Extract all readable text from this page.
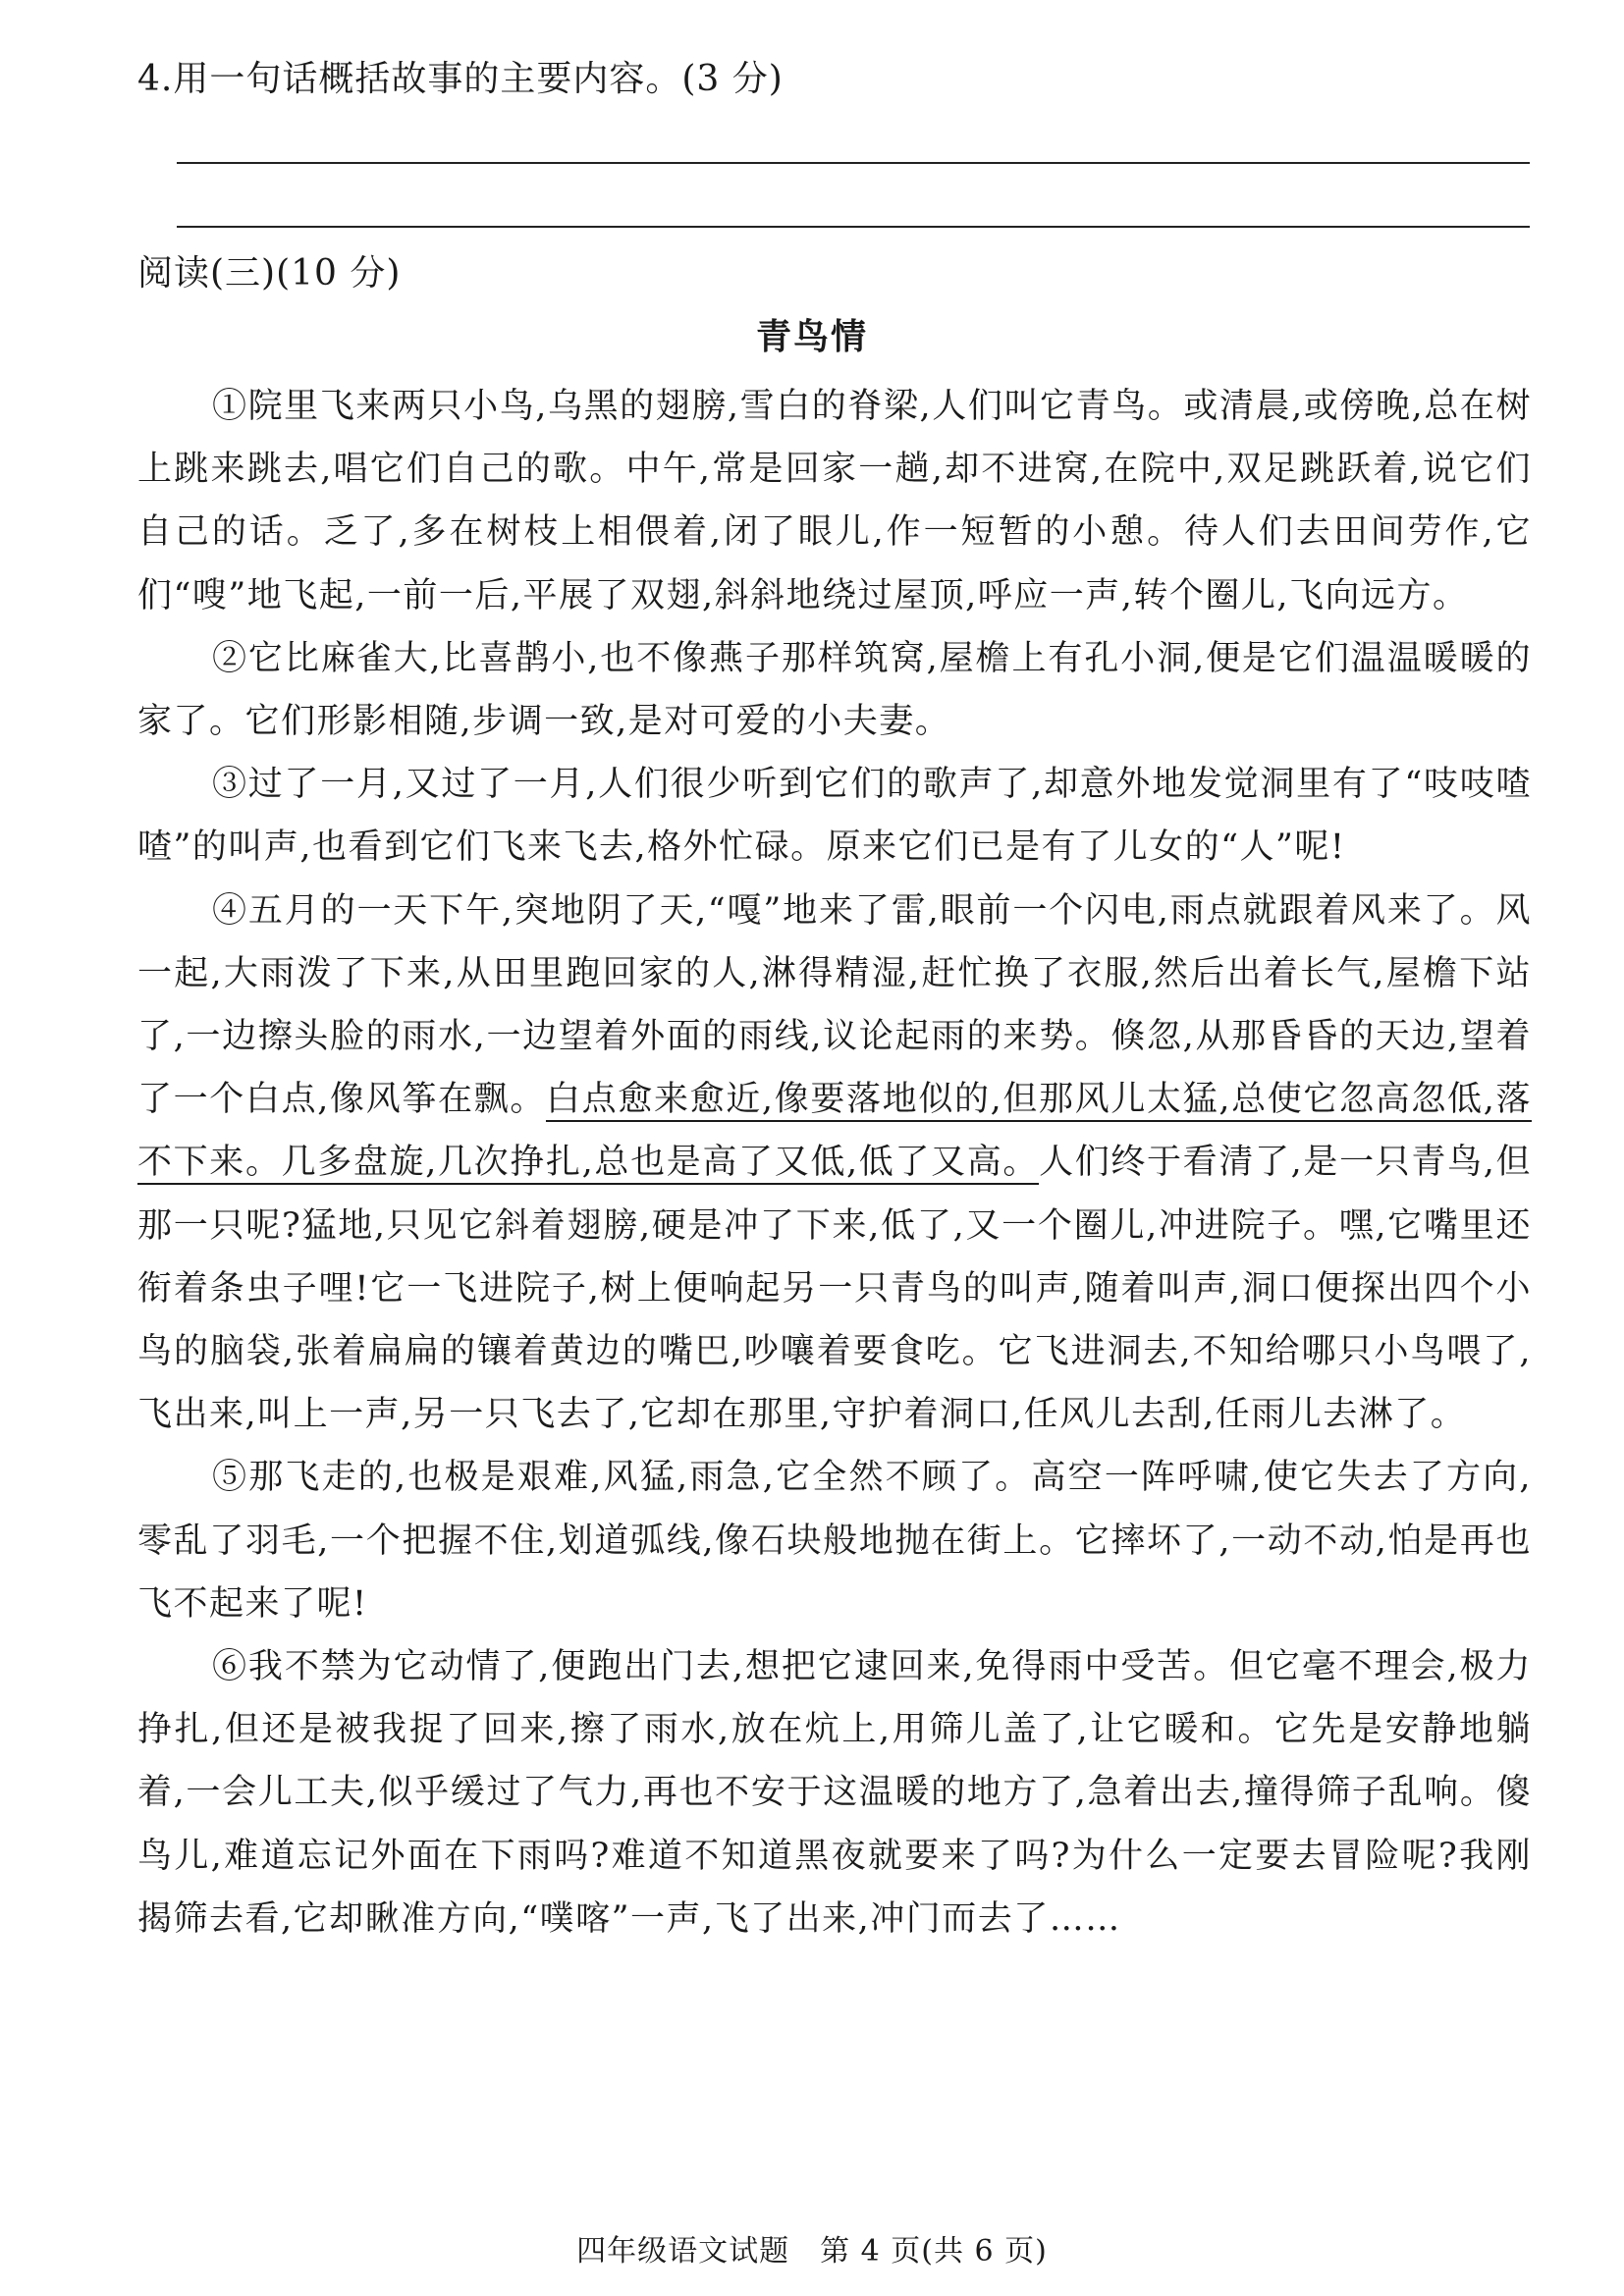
4.用一句话概括故事的主要内容。(3 分)
阅读(三)(10 分)
青鸟情

①院里飞来两只小鸟,乌黑的翅膀,雪白的脊梁,人们叫它青鸟。或清晨,或傍晚,总在树上跳来跳去,唱它们自己的歌。中午,常是回家一趟,却不进窝,在院中,双足跳跃着,说它们自己的话。乏了,多在树枝上相偎着,闭了眼儿,作一短暂的小憩。待人们去田间劳作,它们“嗖”地飞起,一前一后,平展了双翅,斜斜地绕过屋顶,呼应一声,转个圈儿,飞向远方。

②它比麻雀大,比喜鹊小,也不像燕子那样筑窝,屋檐上有孔小洞,便是它们温温暖暖的家了。它们形影相随,步调一致,是对可爱的小夫妻。

③过了一月,又过了一月,人们很少听到它们的歌声了,却意外地发觉洞里有了“吱吱喳喳”的叫声,也看到它们飞来飞去,格外忙碌。原来它们已是有了儿女的“人”呢!

④五月的一天下午,突地阴了天,“嘎”地来了雷,眼前一个闪电,雨点就跟着风来了。风一起,大雨泼了下来,从田里跑回家的人,淋得精湿,赶忙换了衣服,然后出着长气,屋檐下站了,一边擦头脸的雨水,一边望着外面的雨线,议论起雨的来势。倏忽,从那昏昏的天边,望着了一个白点,像风筝在飘。白点愈来愈近,像要落地似的,但那风儿太猛,总使它忽高忽低,落不下来。几多盘旋,几次挣扎,总也是高了又低,低了又高。人们终于看清了,是一只青鸟,但那一只呢?猛地,只见它斜着翅膀,硬是冲了下来,低了,又一个圈儿,冲进院子。嘿,它嘴里还衔着条虫子哩!它一飞进院子,树上便响起另一只青鸟的叫声,随着叫声,洞口便探出四个小鸟的脑袋,张着扁扁的镶着黄边的嘴巴,吵嚷着要食吃。它飞进洞去,不知给哪只小鸟喂了,飞出来,叫上一声,另一只飞去了,它却在那里,守护着洞口,任风儿去刮,任雨儿去淋了。

⑤那飞走的,也极是艰难,风猛,雨急,它全然不顾了。高空一阵呼啸,使它失去了方向,零乱了羽毛,一个把握不住,划道弧线,像石块般地抛在街上。它摔坏了,一动不动,怕是再也飞不起来了呢!

⑥我不禁为它动情了,便跑出门去,想把它逮回来,免得雨中受苦。但它毫不理会,极力挣扎,但还是被我捉了回来,擦了雨水,放在炕上,用筛儿盖了,让它暖和。它先是安静地躺着,一会儿工夫,似乎缓过了气力,再也不安于这温暖的地方了,急着出去,撞得筛子乱响。傻鸟儿,难道忘记外面在下雨吗?难道不知道黑夜就要来了吗?为什么一定要去冒险呢?我刚揭筛去看,它却瞅准方向,“噗喀”一声,飞了出来,冲门而去了……

四年级语文试题　第 4 页(共 6 页)
